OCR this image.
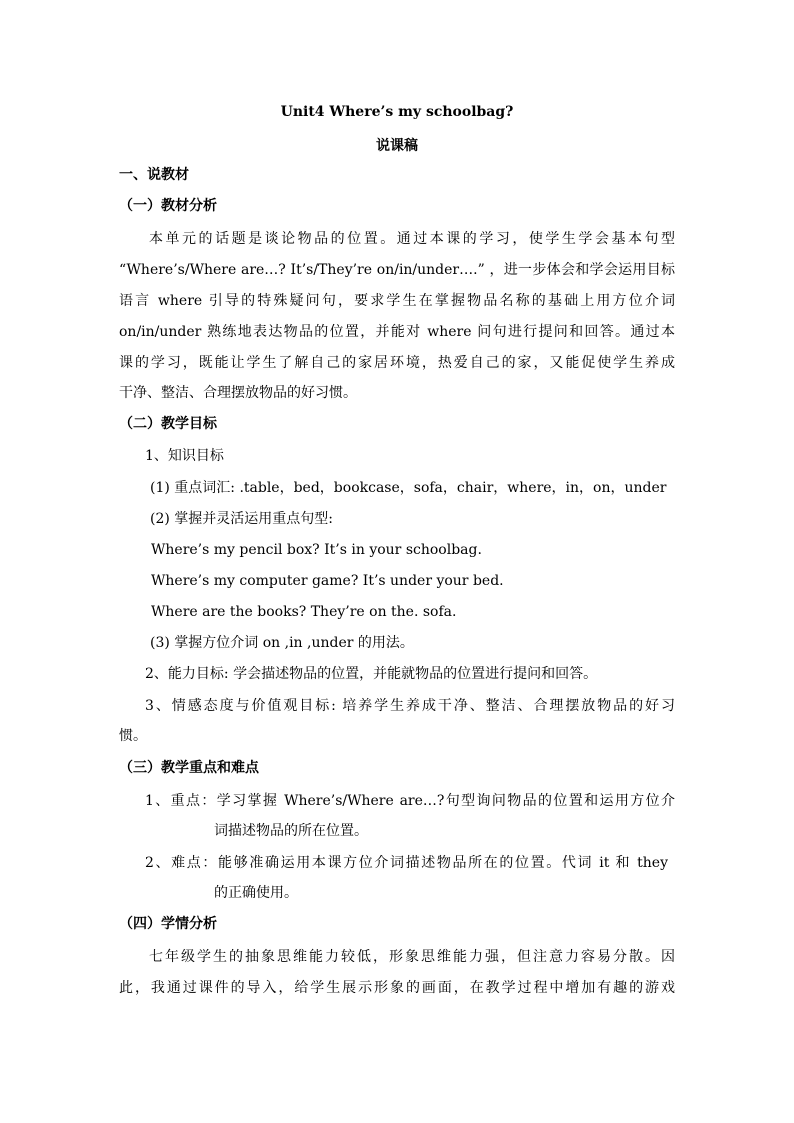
Unit4 Where’s my schoolbag?
说课稿
一、说教材
（一）教材分析
本单元的话题是谈论物品的位置。通过本课的学习，使学生学会基本句型
“Where’s/Where are…? It’s/They’re on/in/under….” ，进一步体会和学会运用目标
语言 where 引导的特殊疑问句，要求学生在掌握物品名称的基础上用方位介词
on/in/under 熟练地表达物品的位置，并能对 where 问句进行提问和回答。通过本
课的学习，既能让学生了解自己的家居环境，热爱自己的家，又能促使学生养成
干净、整洁、合理摆放物品的好习惯。
（二）教学目标
1、知识目标
(1) 重点词汇: .table，bed，bookcase，sofa，chair，where，in，on，under
(2) 掌握并灵活运用重点句型:
Where’s my pencil box? It’s in your schoolbag.
Where’s my computer game? It’s under your bed.
Where are the books? They’re on the. sofa.
(3) 掌握方位介词 on ,in ,under 的用法。
2、能力目标: 学会描述物品的位置，并能就物品的位置进行提问和回答。
3、情感态度与价值观目标: 培养学生养成干净、整洁、合理摆放物品的好习
惯。
（三）教学重点和难点
1、重点：学习掌握 Where’s/Where are…?句型询问物品的位置和运用方位介
词描述物品的所在位置。
2、难点：能够准确运用本课方位介词描述物品所在的位置。代词 it 和 they
的正确使用。
（四）学情分析
七年级学生的抽象思维能力较低，形象思维能力强，但注意力容易分散。因
此，我通过课件的导入，给学生展示形象的画面，在教学过程中增加有趣的游戏
